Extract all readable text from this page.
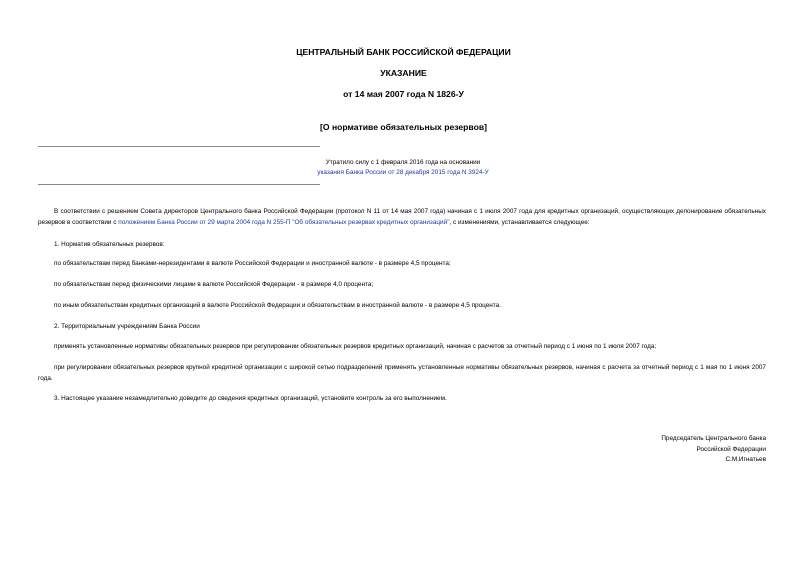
ЦЕНТРАЛЬНЫЙ БАНК РОССИЙСКОЙ ФЕДЕРАЦИИ
УКАЗАНИЕ
от 14 мая 2007 года N 1826-У
[О нормативе обязательных резервов]
Утратило силу с 1 февраля 2016 года на основании
указания Банка России от 28 декабря 2015 года N 3924-У
В соответствии с решением Совета директоров Центрального банка Российской Федерации (протокол N 11 от 14 мая 2007 года) начиная с 1 июля 2007 года для кредитных организаций, осуществляющих депонирование обязательных резервов в соответствии с положением Банка России от 29 марта 2004 года N 255-П "Об обязательных резервах кредитных организаций", с изменениями, устанавливается следующее:
1. Норматив обязательных резервов:
по обязательствам перед банками-нерезидентами в валюте Российской Федерации и иностранной валюте - в размере 4,5 процента;
по обязательствам перед физическими лицами в валюте Российской Федерации - в размере 4,0 процента;
по иным обязательствам кредитных организаций в валюте Российской Федерации и обязательствам в иностранной валюте - в размере 4,5 процента.
2. Территориальным учреждениям Банка России
применять установленные нормативы обязательных резервов при регулировании обязательных резервов кредитных организаций, начиная с расчетов за отчетный период с 1 июня по 1 июля 2007 года;
при регулировании обязательных резервов крупной кредитной организации с широкой сетью подразделений применять установленные нормативы обязательных резервов, начиная с расчета за отчетный период с 1 мая по 1 июня 2007 года.
3. Настоящее указание незамедлительно доведите до сведения кредитных организаций, установите контроль за его выполнением.
Председатель Центрального банка
Российской Федерации
С.М.Игнатьев
